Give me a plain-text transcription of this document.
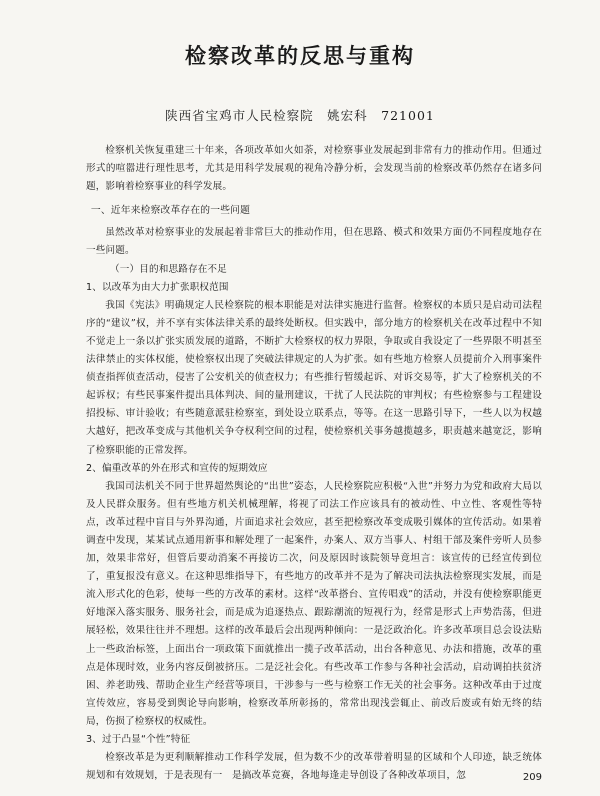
检察改革的反思与重构
陕西省宝鸡市人民检察院　姚宏科　721001

检察机关恢复重建三十年来，各项改革如火如荼，对检察事业发展起到非常有力的推动作用。但通过形式的喧嚣进行理性思考，尤其是用科学发展观的视角冷静分析，会发现当前的检察改革仍然存在诸多问题，影响着检察事业的科学发展。

一、近年来检察改革存在的一些问题

虽然改革对检察事业的发展起着非常巨大的推动作用，但在思路、模式和效果方面仍不同程度地存在一些问题。

（一）目的和思路存在不足
1、以改革为由大力扩张职权范围

我国《宪法》明确规定人民检察院的根本职能是对法律实施进行监督。检察权的本质只是启动司法程序的“建议”权，并不享有实体法律关系的最终处断权。但实践中，部分地方的检察机关在改革过程中不知不觉走上一条以扩张实质发展的道路，不断扩大检察权的权力界限，争取或自我设定了一些界限不明甚至法律禁止的实体权能，使检察权出现了突破法律规定的人为扩张。如有些地方检察人员提前介入刑事案件侦查指挥侦查活动，侵害了公安机关的侦查权力；有些推行暂缓起诉、对诉交易等，扩大了检察机关的不起诉权；有些民事案件提出具体判决、间的量刑建议，干扰了人民法院的审判权；有些检察参与工程建设招投标、审计验收；有些随意派驻检察室，到处设立联系点，等等。在这一思路引导下，一些人以为权越大越好，把改革变成与其他机关争夺权利空间的过程，使检察机关事务越揽越多，职责越来越宽泛，影响了检察职能的正常发挥。

2、偏重改革的外在形式和宣传的短期效应

我国司法机关不同于世界超然舆论的“出世”姿态，人民检察院应积极“入世”并努力为党和政府大局以及人民群众服务。但有些地方机关机械理解，将视了司法工作应该具有的被动性、中立性、客观性等特点，改革过程中盲目与外界沟通，片面追求社会效应，甚至把检察改革变成吸引媒体的宣传活动。如果着调查中发现，某某试点通用新事和解处理了一起案件，办案人、双方当事人、村组干部及案件旁听人员参加，效果非常好，但管后要动消案不再接访二次，问及原因时该院领导竟坦言：该宣传的已经宣传到位了，重复报没有意义。在这种思维指导下，有些地方的改革并不是为了解决司法执法检察现实发展，而是流入形式化的色彩，使每一些的方改革的素材。这样“改革搭台、宣传唱戏”的活动，并没有使检察职能更好地深入落实服务、服务社会，而是成为追逐热点、跟踪潮流的短视行为，经常是形式上声势浩荡，但进展轻松，效果往往并不理想。这样的改革最后会出现两种倾向：一是泛政治化。许多改革项目总会设法贴上一些政治标签，上面出台一项政策下面就推出一揽子改革活动，出台各种意见、办法和措施，改革的重点是体现时效，业务内容反倒被挤压。二是泛社会化。有些改革工作参与各种社会活动，启动调拍扶贫济困、养老助残、帮助企业生产经营等项目，干涉参与一些与检察工作无关的社会事务。这种改革由于过度宣传效应，容易受到舆论导向影响，检察改革所彰扬的，常常出现浅尝辄止、前改后废或有始无终的结局，伤损了检察权的权威性。

3、过于凸显“个性”特征

检察改革是为更利顺解推动工作科学发展，但为数不少的改革带着明显的区域和个人印迹，缺乏统体规划和有效规划，于是表现有一　是搞改革竞赛，各地每逢走导创设了各种改革项目，忽	209
